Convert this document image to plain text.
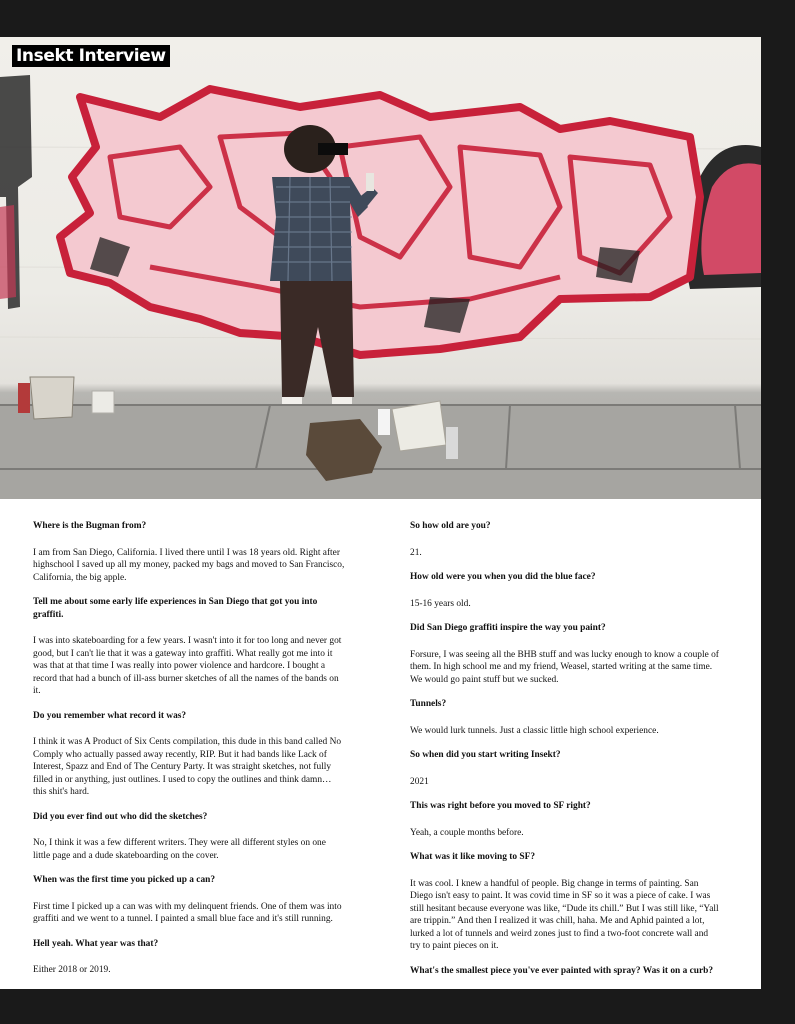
Insekt Interview

Where is the Bugman from?

I am from San Diego, California. I lived there until I was 18 years old. Right after highschool I saved up all my money, packed my bags and moved to San Francisco, California, the big apple.

Tell me about some early life experiences in San Diego that got you into graffiti.

I was into skateboarding for a few years. I wasn't into it for too long and never got good, but I can't lie that it was a gateway into graffiti. What really got me into it was that at that time I was really into power violence and hardcore. I bought a record that had a bunch of ill-ass burner sketches of all the names of the bands on it.

Do you remember what record it was?

I think it was A Product of Six Cents compilation, this dude in this band called No Comply who actually passed away recently, RIP. But it had bands like Lack of Interest, Spazz and End of The Century Party. It was straight sketches, not fully filled in or anything, just outlines. I used to copy the outlines and think damn… this shit's hard.

Did you ever find out who did the sketches?

No, I think it was a few different writers. They were all different styles on one little page and a dude skateboarding on the cover.

When was the first time you picked up a can?

First time I picked up a can was with my delinquent friends. One of them was into graffiti and we went to a tunnel. I painted a small blue face and it's still running.

Hell yeah. What year was that?

Either 2018 or 2019.

So how old are you?

21.

How old were you when you did the blue face?

15-16 years old.

Did San Diego graffiti inspire the way you paint?

Forsure, I was seeing all the BHB stuff and was lucky enough to know a couple of them. In high school me and my friend, Weasel, started writing at the same time. We would go paint stuff but we sucked.

Tunnels?

We would lurk tunnels. Just a classic little high school experience.

So when did you start writing Insekt?

2021

This was right before you moved to SF right?

Yeah, a couple months before.

What was it like moving to SF?

It was cool. I knew a handful of people. Big change in terms of painting. San Diego isn't easy to paint. It was covid time in SF so it was a piece of cake. I was still hesitant because everyone was like, “Dude its chill.” But I was still like, “Yall are trippin.” And then I realized it was chill, haha. Me and Aphid painted a lot, lurked a lot of tunnels and weird zones just to find a two-foot concrete wall and try to paint pieces on it.

What's the smallest piece you've ever painted with spray? Was it on a curb?
